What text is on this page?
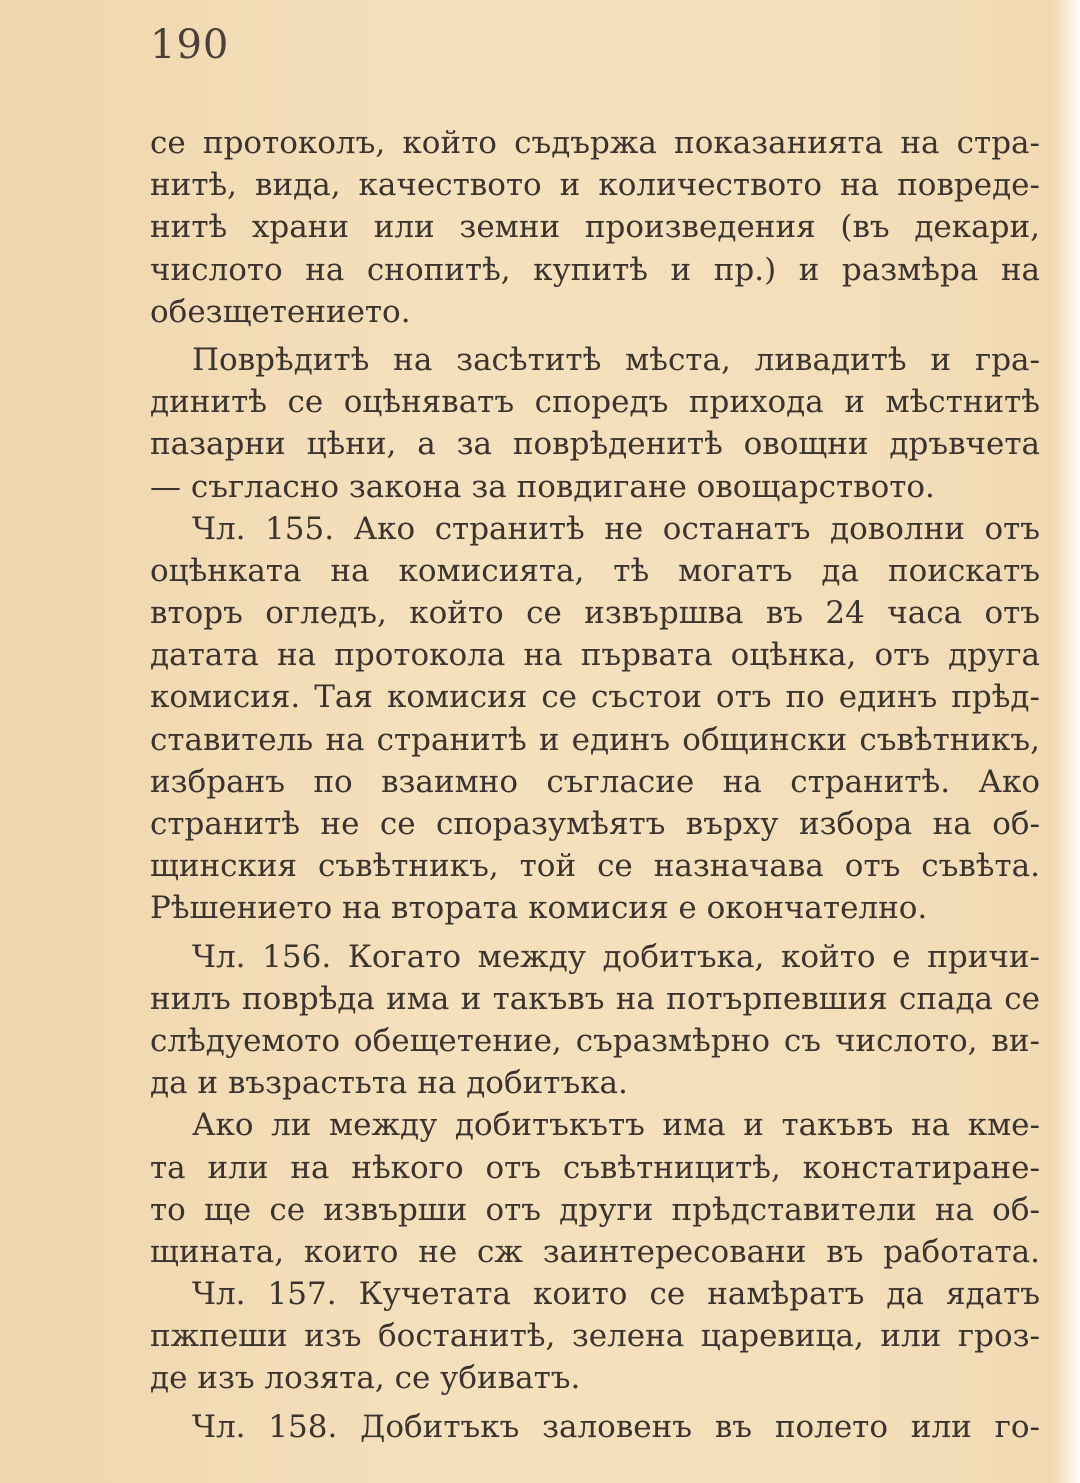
190
се протоколъ, който съдържа показанията на стра-
нитѣ, вида, качеството и количеството на повреде-
нитѣ храни или земни произведения (въ декари,
числото на снопитѣ, купитѣ и пр.) и размѣра на
обезщетението.
Поврѣдитѣ на засѣтитѣ мѣста, ливадитѣ и гра-
динитѣ се оцѣняватъ споредъ прихода и мѣстнитѣ
пазарни цѣни, а за поврѣденитѣ овощни дръвчета
— съгласно закона за повдигане овощарството.
Чл. 155. Ако странитѣ не останатъ доволни отъ
оцѣнката на комисията, тѣ могатъ да поискатъ
вторъ огледъ, който се извършва въ 24 часа отъ
датата на протокола на първата оцѣнка, отъ друга
комисия. Тая комисия се състои отъ по единъ прѣд-
ставитель на странитѣ и единъ общински съвѣтникъ,
избранъ по взаимно съгласие на странитѣ. Ако
странитѣ не се споразумѣятъ върху избора на об-
щинския съвѣтникъ, той се назначава отъ съвѣта.
Рѣшението на втората комисия е окончателно.
Чл. 156. Когато между добитъка, който е причи-
нилъ поврѣда има и такъвъ на потърпевшия спада се
слѣдуемото обещетение, съразмѣрно съ числото, ви-
да и възрастьта на добитъка.
Ако ли между добитъкътъ има и такъвъ на кме-
та или на нѣкого отъ съвѣтницитѣ, констатиране-
то ще се извърши отъ други прѣдставители на об-
щината, които не сж заинтересовани въ работата.
Чл. 157. Кучетата които се намѣратъ да ядатъ
пжпеши изъ бостанитѣ, зелена царевица, или грoз-
де изъ лозята, се убиватъ.
Чл. 158. Добитъкъ заловенъ въ полето или го-
